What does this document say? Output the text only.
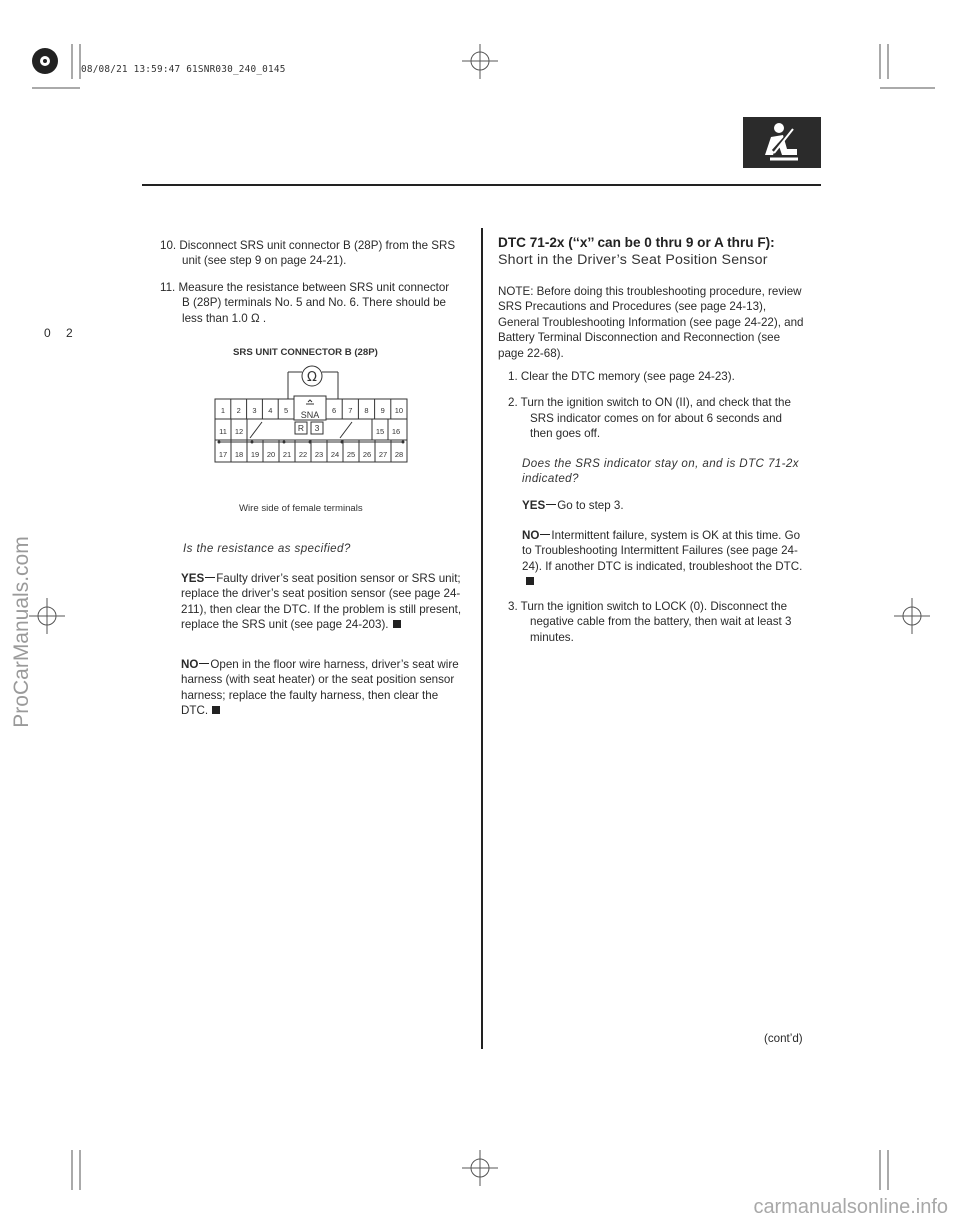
08/08/21 13:59:47 61SNR030_240_0145
0 2
10. Disconnect SRS unit connector B (28P) from the SRS unit (see step 9 on page 24-21).
11. Measure the resistance between SRS unit connector B (28P) terminals No. 5 and No. 6. There should be less than 1.0 Ω .
SRS UNIT CONNECTOR B (28P)
Ω
SNA
R 3
1 2 3 4 5	6 7 8 9 10
11 12	15 16
17 18 19 20 21 22 23 24 25 26 27 28
Wire side of female terminals
Is the resistance as specified?
YES Faulty driver’s seat position sensor or SRS unit; replace the driver’s seat position sensor (see page 24-211), then clear the DTC. If the problem is still present, replace the SRS unit (see page 24-203).
NO Open in the floor wire harness, driver’s seat wire harness (with seat heater) or the seat position sensor harness; replace the faulty harness, then clear the DTC.
DTC 71-2x (‘‘x’’ can be 0 thru 9 or A thru F):
Short in the Driver’s Seat Position Sensor
NOTE: Before doing this troubleshooting procedure, review SRS Precautions and Procedures (see page 24-13), General Troubleshooting Information (see page 24-22), and Battery Terminal Disconnection and Reconnection (see page 22-68).
1. Clear the DTC memory (see page 24-23).
2. Turn the ignition switch to ON (II), and check that the SRS indicator comes on for about 6 seconds and then goes off.
Does the SRS indicator stay on, and is DTC 71-2x indicated?
YES Go to step 3.
NO Intermittent failure, system is OK at this time. Go to Troubleshooting Intermittent Failures (see page 24-24). If another DTC is indicated, troubleshoot the DTC.
3. Turn the ignition switch to LOCK (0). Disconnect the negative cable from the battery, then wait at least 3 minutes.
(cont’d)
ProCarManuals.com
carmanualsonline.info
